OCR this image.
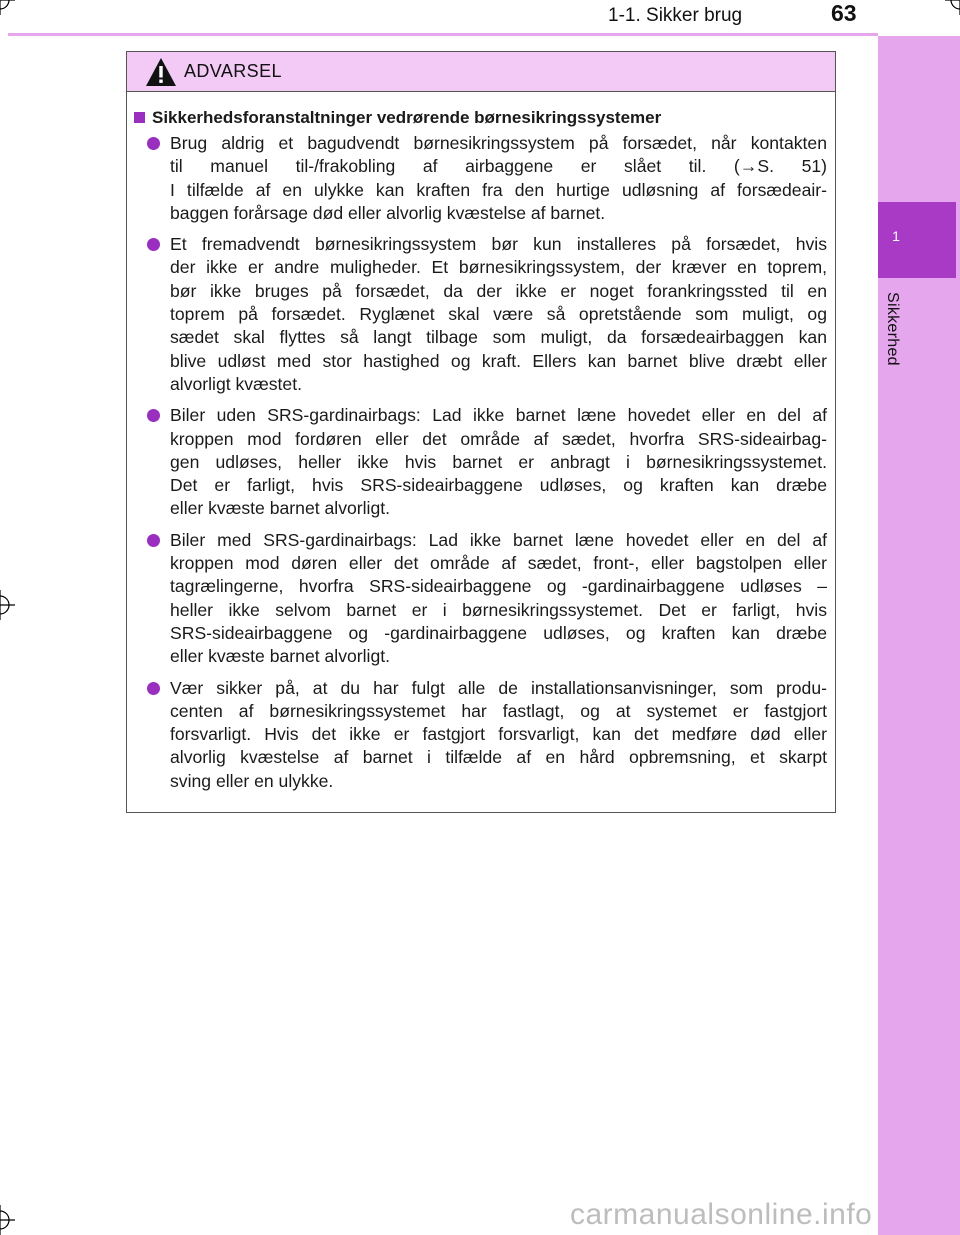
1-1. Sikker brug	63
1
Sikkerhed
ADVARSEL
Sikkerhedsforanstaltninger vedrørende børnesikringssystemer
Brug aldrig et bagudvendt børnesikringssystem på forsædet, når kontakten
til manuel til-/frakobling af airbaggene er slået til. (→S. 51)
I tilfælde af en ulykke kan kraften fra den hurtige udløsning af forsædeair-
baggen forårsage død eller alvorlig kvæstelse af barnet.
Et fremadvendt børnesikringssystem bør kun installeres på forsædet, hvis
der ikke er andre muligheder. Et børnesikringssystem, der kræver en toprem,
bør ikke bruges på forsædet, da der ikke er noget forankringssted til en
toprem på forsædet. Ryglænet skal være så opretstående som muligt, og
sædet skal flyttes så langt tilbage som muligt, da forsædeairbaggen kan
blive udløst med stor hastighed og kraft. Ellers kan barnet blive dræbt eller
alvorligt kvæstet.
Biler uden SRS-gardinairbags: Lad ikke barnet læne hovedet eller en del af
kroppen mod fordøren eller det område af sædet, hvorfra SRS-sideairbag-
gen udløses, heller ikke hvis barnet er anbragt i børnesikringssystemet.
Det er farligt, hvis SRS-sideairbaggene udløses, og kraften kan dræbe
eller kvæste barnet alvorligt.
Biler med SRS-gardinairbags: Lad ikke barnet læne hovedet eller en del af
kroppen mod døren eller det område af sædet, front-, eller bagstolpen eller
tagrælingerne, hvorfra SRS-sideairbaggene og -gardinairbaggene udløses –
heller ikke selvom barnet er i børnesikringssystemet. Det er farligt, hvis
SRS-sideairbaggene og -gardinairbaggene udløses, og kraften kan dræbe
eller kvæste barnet alvorligt.
Vær sikker på, at du har fulgt alle de installationsanvisninger, som produ-
centen af børnesikringssystemet har fastlagt, og at systemet er fastgjort
forsvarligt. Hvis det ikke er fastgjort forsvarligt, kan det medføre død eller
alvorlig kvæstelse af barnet i tilfælde af en hård opbremsning, et skarpt
sving eller en ulykke.
carmanualsonline.info
